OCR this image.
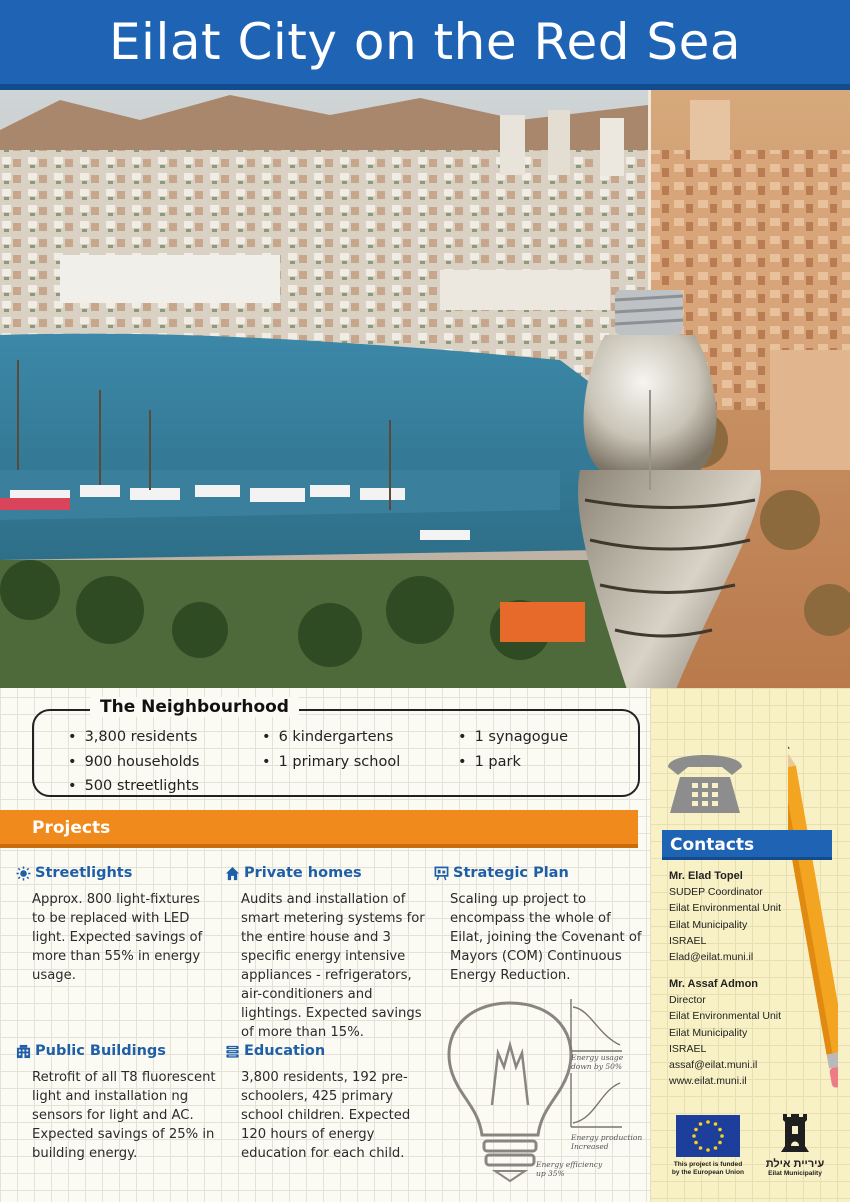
Eilat City on the Red Sea
The Neighbourhood
• 3,800 residents
• 900 households
• 500 streetlights
• 6 kindergartens
• 1 primary school
• 1 synagogue
• 1 park
Projects
Streetlights

Approx. 800 light-fixtures to be replaced with LED light. Expected savings of more than 55% in energy usage.

Private homes

Audits and installation of smart metering systems for the entire house and 3 specific energy intensive appliances - refrigerators, air-conditioners and lightings. Expected savings of more than 15%.

Strategic Plan

Scaling up project to encompass the whole of Eilat, joining the Covenant of Mayors (COM) Continuous Energy Reduction.

Public Buildings

Retrofit of all T8 fluorescent light and installation ng sensors for light and AC. Expected savings of 25% in building energy.

Education

3,800 residents, 192 pre-schoolers, 425 primary school children. Expected 120 hours of energy education for each child.

Energy usage
down by 50%
Energy production
Increased
Energy efficiency
up 35%
Contacts
Mr. Elad Topel
SUDEP Coordinator
Eilat Environmental Unit
Eilat Municipality
ISRAEL
Elad@eilat.muni.il
Mr. Assaf Admon
Director
Eilat Environmental Unit
Eilat Municipality
ISRAEL
assaf@eilat.muni.il
www.eilat.muni.il
This project is funded
by the European Union
עיריית אילת
Eilat Municipality
